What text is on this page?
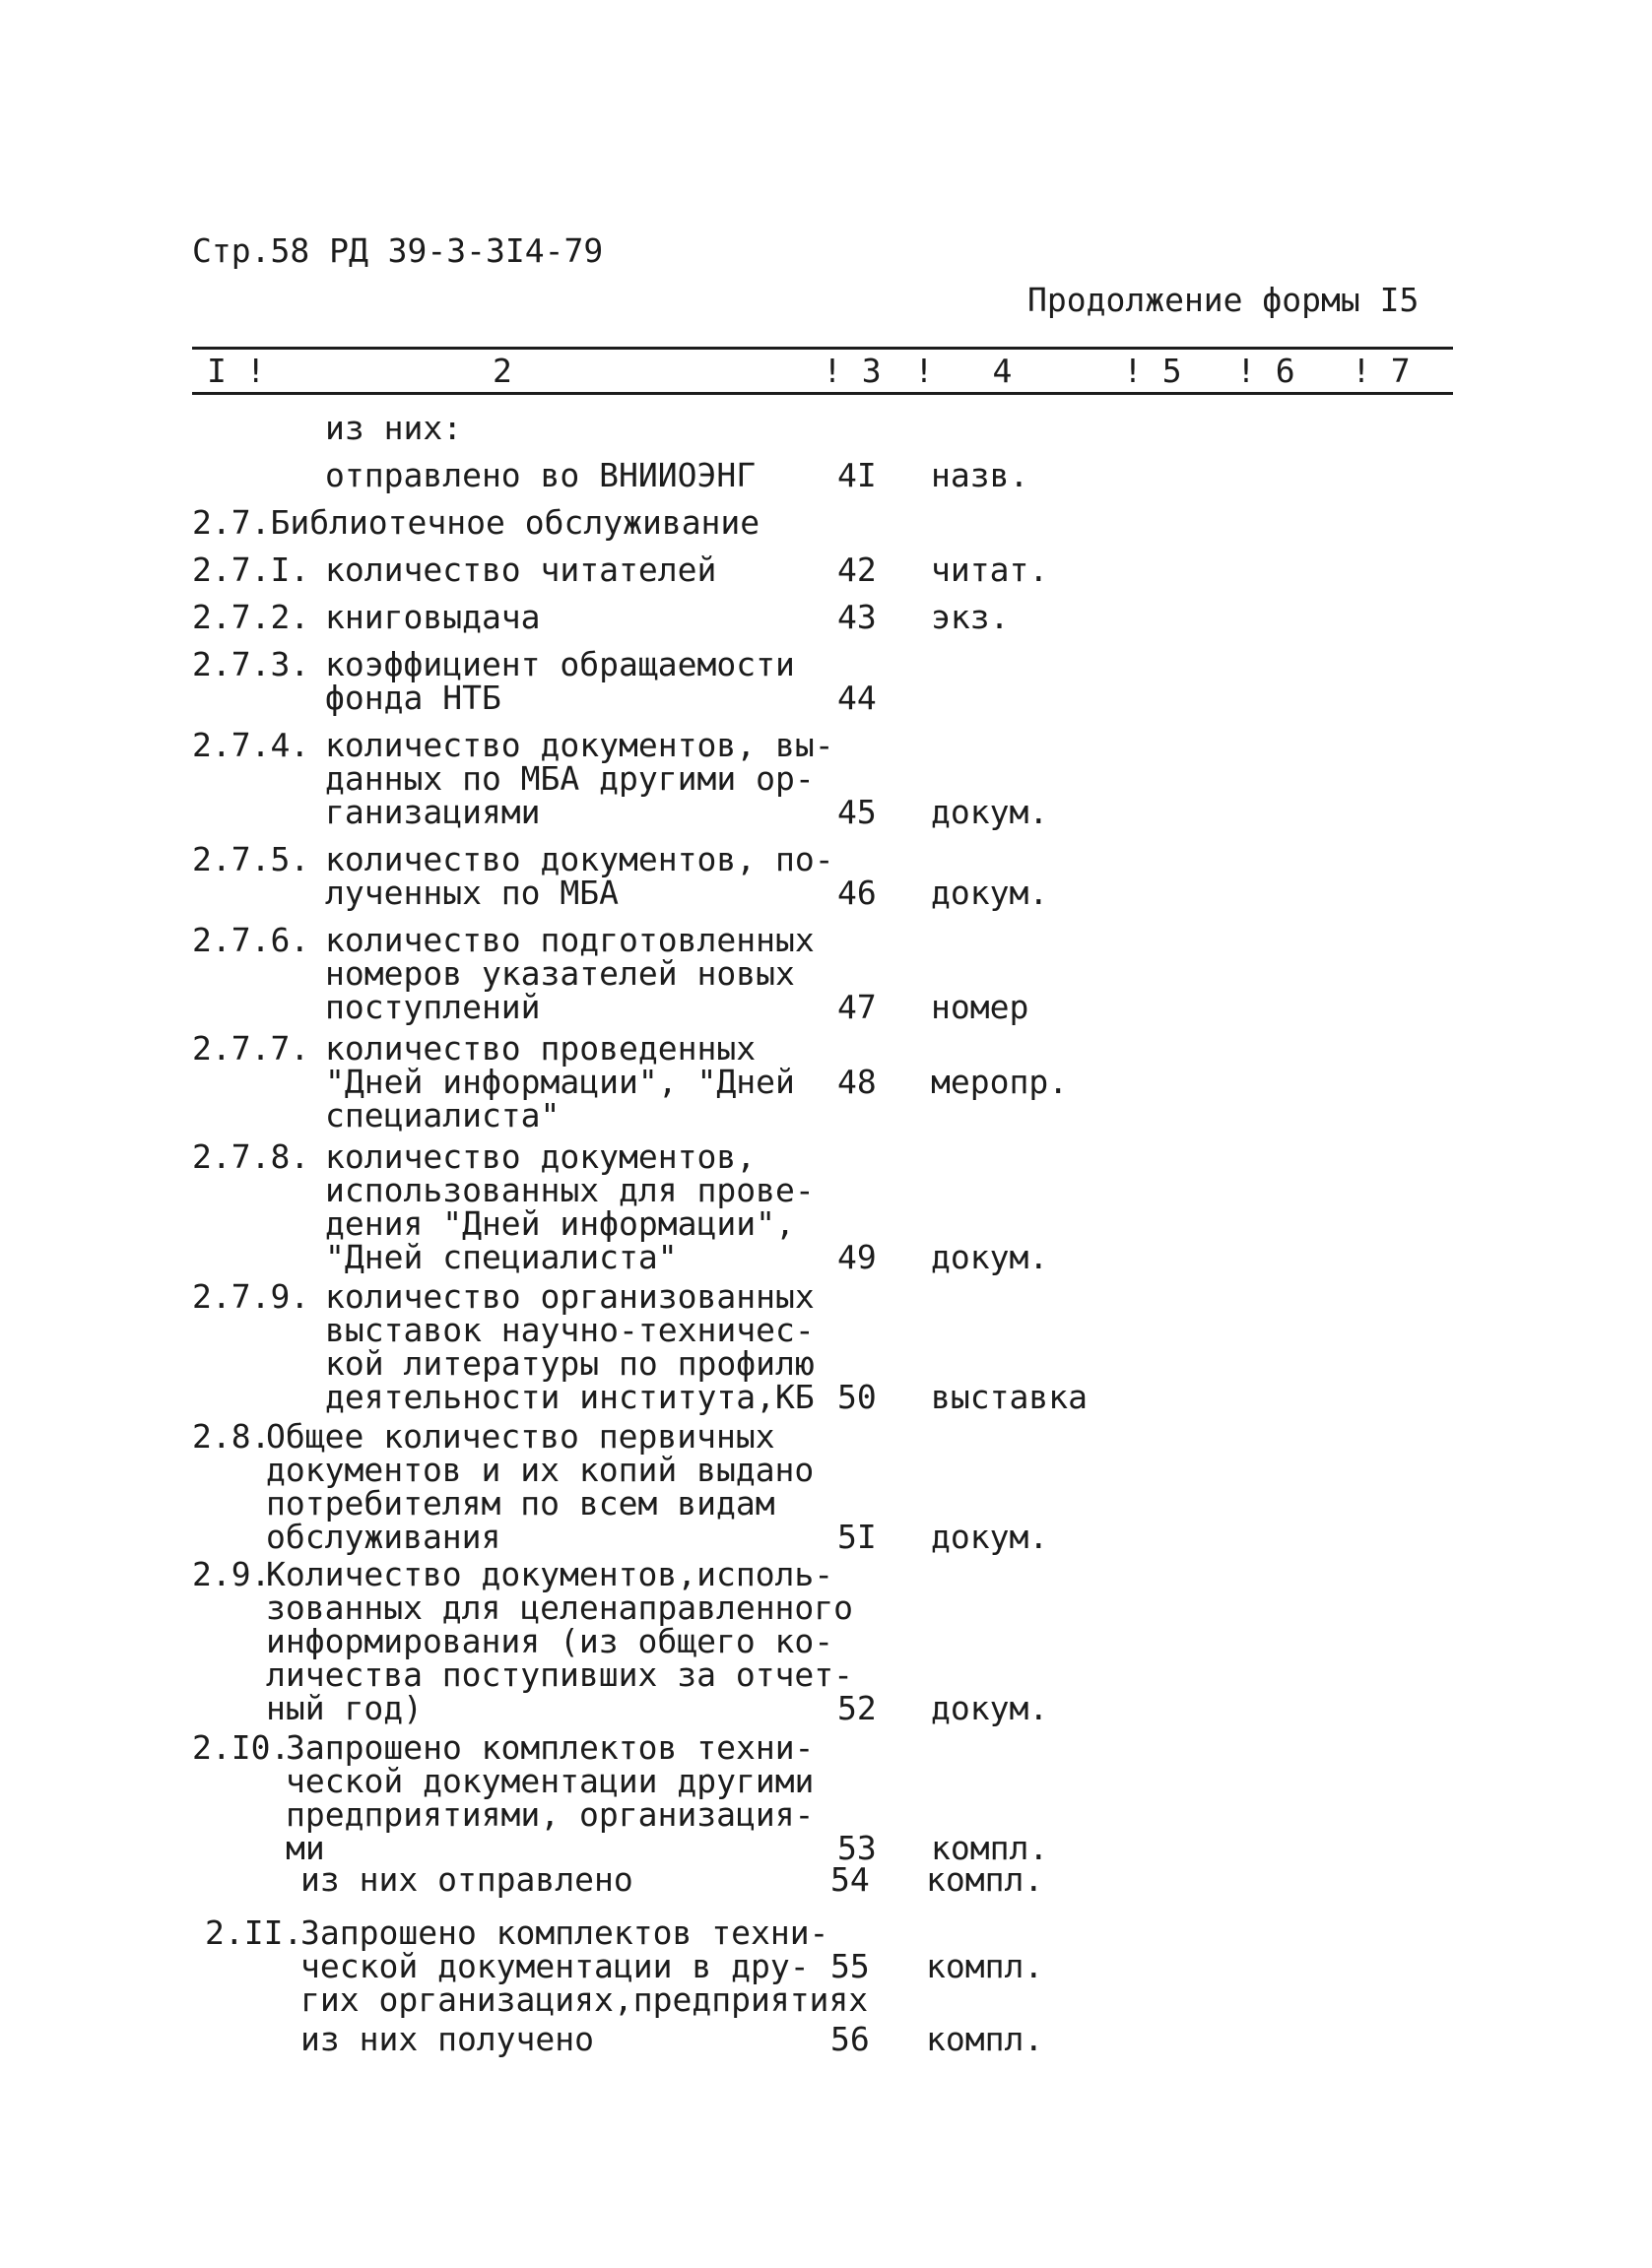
Стр.58 РД 39-3-3I4-79
Продолжение формы I5
I !	2	! 3 !   4	! 5 ! 6 ! 7
из них:
отправлено во ВНИИОЭНГ	4I назв.
2.7.Библиотечное обслуживание
2.7.I. количество читателей	42 читат.
2.7.2. книговыдача	43 экз.
2.7.3. коэффициент обращаемости
фонда НТБ	44
2.7.4. количество документов, вы-
данных по МБА другими ор-
ганизациями	45 докум.
2.7.5. количество документов, по-
лученных по МБА	46 докум.
2.7.6. количество подготовленных
номеров указателей новых
поступлений	47 номер
2.7.7. количество проведенных
"Дней информации", "Дней
специалиста"
48 меропр.
2.7.8. количество документов,
использованных для прове-
дения "Дней информации",
"Дней специалиста"	49 докум.
2.7.9. количество организованных
выставок научно-техничес-
кой литературы по профилю
деятельности института,КБ 50 выставка
2.8.
Общее количество первичных
документов и их копий выдано
потребителям по всем видам
обслуживания	5I докум.
2.9.
Количество документов,исполь-
зованных для целенаправленного
информирования (из общего ко-
личества поступивших за отчет-
ный год)	52 докум.
2.I0.
Запрошено комплектов техни-
ческой документации другими
предприятиями, организация-
ми	53 компл.
из них отправлено	54 компл.
2.II.
Запрошено комплектов техни-
ческой документации в дру-
гих организациях,предприятиях
55 компл.
из них получено	56 компл.
